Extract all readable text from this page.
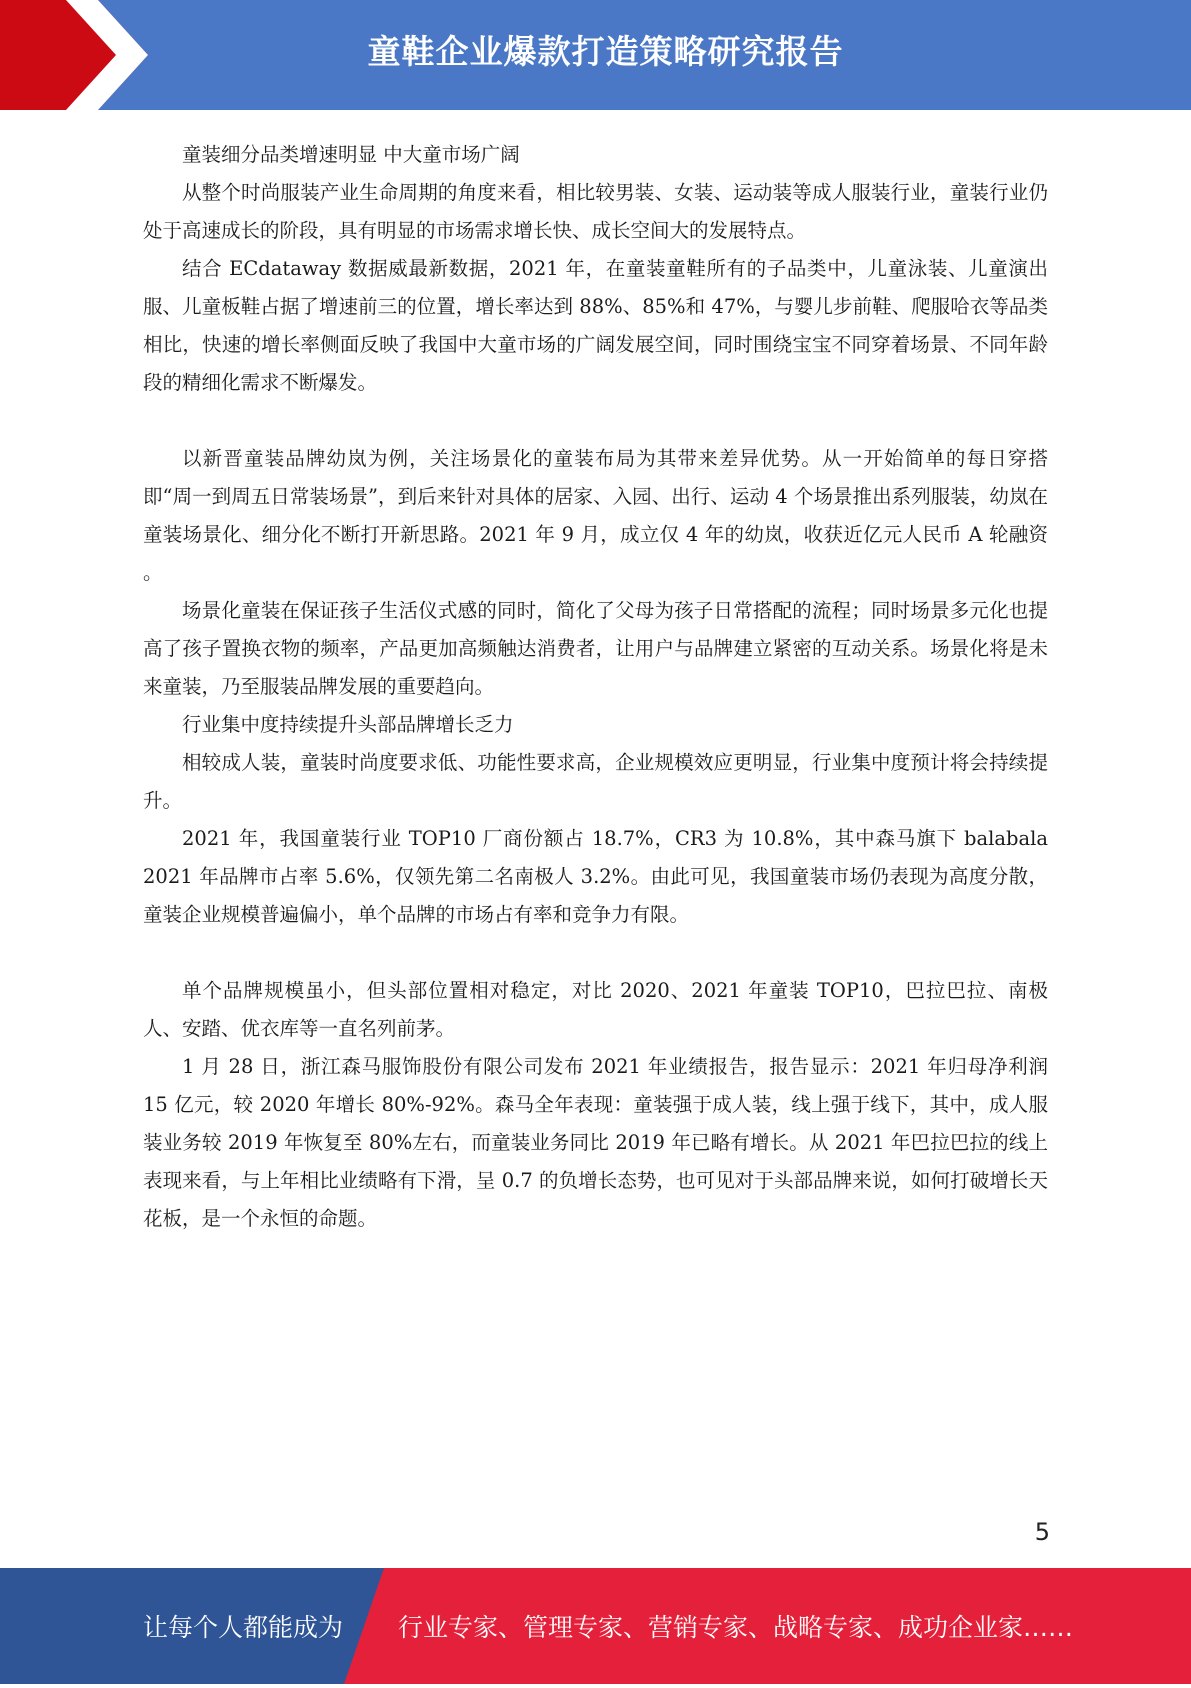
童鞋企业爆款打造策略研究报告

童装细分品类增速明显 中大童市场广阔

从整个时尚服装产业生命周期的角度来看，相比较男装、女装、运动装等成人服装行业，童装行业仍处于高速成长的阶段，具有明显的市场需求增长快、成长空间大的发展特点。

结合 ECdataway 数据威最新数据，2021 年，在童装童鞋所有的子品类中，儿童泳装、儿童演出服、儿童板鞋占据了增速前三的位置，增长率达到 88%、85%和 47%，与婴儿步前鞋、爬服哈衣等品类相比，快速的增长率侧面反映了我国中大童市场的广阔发展空间，同时围绕宝宝不同穿着场景、不同年龄段的精细化需求不断爆发。

以新晋童装品牌幼岚为例，关注场景化的童装布局为其带来差异优势。从一开始简单的每日穿搭即“周一到周五日常装场景”，到后来针对具体的居家、入园、出行、运动 4 个场景推出系列服装，幼岚在童装场景化、细分化不断打开新思路。2021 年 9 月，成立仅 4 年的幼岚，收获近亿元人民币 A 轮融资 。

场景化童装在保证孩子生活仪式感的同时，简化了父母为孩子日常搭配的流程；同时场景多元化也提高了孩子置换衣物的频率，产品更加高频触达消费者，让用户与品牌建立紧密的互动关系。场景化将是未来童装，乃至服装品牌发展的重要趋向。

行业集中度持续提升头部品牌增长乏力

相较成人装，童装时尚度要求低、功能性要求高，企业规模效应更明显，行业集中度预计将会持续提升。

2021 年，我国童装行业 TOP10 厂商份额占 18.7%，CR3 为 10.8%，其中森马旗下 balabala 2021 年品牌市占率 5.6%，仅领先第二名南极人 3.2%。由此可见，我国童装市场仍表现为高度分散，童装企业规模普遍偏小，单个品牌的市场占有率和竞争力有限。

单个品牌规模虽小，但头部位置相对稳定，对比 2020、2021 年童装 TOP10，巴拉巴拉、南极人、安踏、优衣库等一直名列前茅。

1 月 28 日，浙江森马服饰股份有限公司发布 2021 年业绩报告，报告显示：2021 年归母净利润 15 亿元，较 2020 年增长 80%-92%。森马全年表现：童装强于成人装，线上强于线下，其中，成人服装业务较 2019 年恢复至 80%左右，而童装业务同比 2019 年已略有增长。从 2021 年巴拉巴拉的线上表现来看，与上年相比业绩略有下滑，呈 0.7 的负增长态势，也可见对于头部品牌来说，如何打破增长天花板，是一个永恒的命题。

5
让每个人都能成为 行业专家、管理专家、营销专家、战略专家、成功企业家……
